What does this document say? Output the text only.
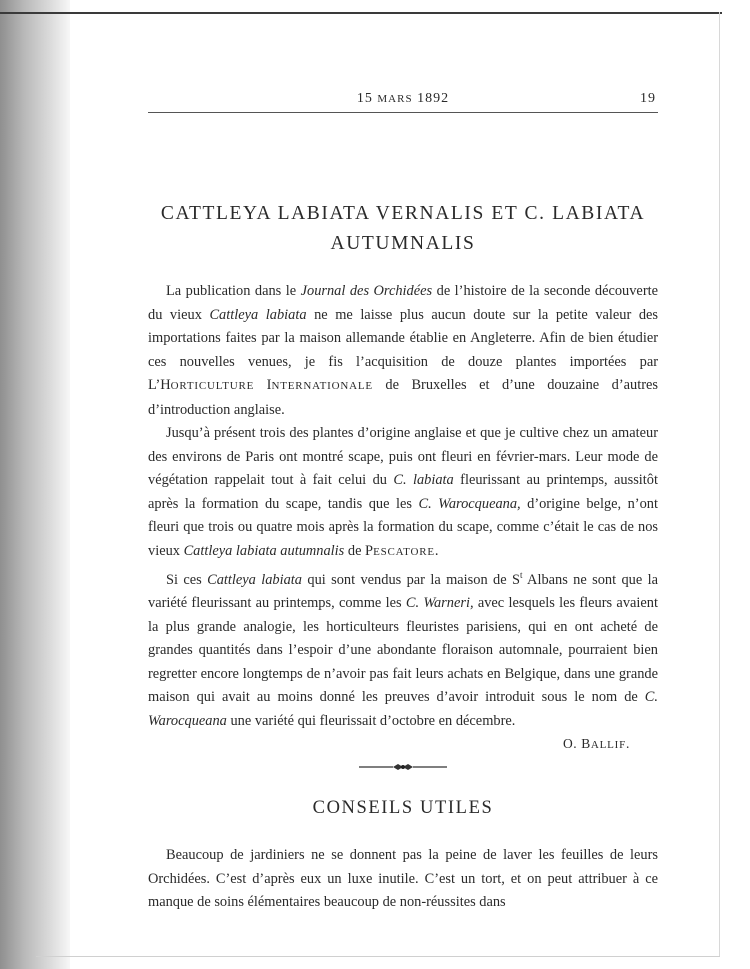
15 MARS 1892	19
CATTLEYA LABIATA VERNALIS ET C. LABIATA
AUTUMNALIS

La publication dans le Journal des Orchidées de l’histoire de la seconde découverte du vieux Cattleya labiata ne me laisse plus aucun doute sur la petite valeur des importations faites par la maison allemande établie en Angleterre. Afin de bien étudier ces nouvelles venues, je fis l’acquisition de douze plantes importées par L’HORTICULTURE INTERNATIONALE de Bruxelles et d’une douzaine d’autres d’introduction anglaise.

Jusqu’à présent trois des plantes d’origine anglaise et que je cultive chez un amateur des environs de Paris ont montré scape, puis ont fleuri en février-mars. Leur mode de végétation rappelait tout à fait celui du C. labiata fleurissant au printemps, aussitôt après la formation du scape, tandis que les C. Warocqueana, d’origine belge, n’ont fleuri que trois ou quatre mois après la formation du scape, comme c’était le cas de nos vieux Cattleya labiata autumnalis de PESCATORE.

Si ces Cattleya labiata qui sont vendus par la maison de $S^t$ Albans ne sont que la variété fleurissant au printemps, comme les C. Warneri, avec lesquels les fleurs avaient la plus grande analogie, les horticulteurs fleuristes parisiens, qui en ont acheté de grandes quantités dans l’espoir d’une abondante floraison automnale, pourraient bien regretter encore longtemps de n’avoir pas fait leurs achats en Belgique, dans une grande maison qui avait au moins donné les preuves d’avoir introduit sous le nom de C. Warocqueana une variété qui fleurissait d’octobre en décembre.

O. BALLIF.
CONSEILS UTILES

Beaucoup de jardiniers ne se donnent pas la peine de laver les feuilles de leurs Orchidées. C’est d’après eux un luxe inutile. C’est un tort, et on peut attribuer à ce manque de soins élémentaires beaucoup de non-réussites dans
